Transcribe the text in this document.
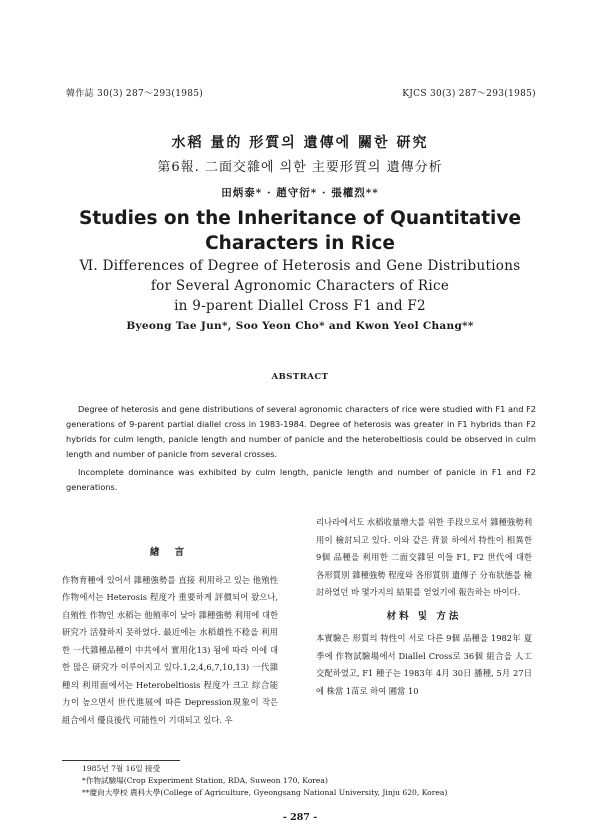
韓作誌 30(3) 287～293(1985)	KJCS 30(3) 287～293(1985)
水稻 量的 形質의 遺傳에 關한 研究
第6報. 二面交雜에 의한 主要形質의 遺傳分析
田炳泰* · 趙守衍* · 張權烈**
Studies on the Inheritance of Quantitative
Characters in Rice
Ⅵ. Differences of Degree of Heterosis and Gene Distributions
for Several Agronomic Characters of Rice
in 9-parent Diallel Cross F1 and F2
Byeong Tae Jun*, Soo Yeon Cho* and Kwon Yeol Chang**
ABSTRACT

Degree of heterosis and gene distributions of several agronomic characters of rice were studied with F1 and F2 generations of 9-parent partial diallel cross in 1983-1984. Degree of heterosis was greater in F1 hybrids than F2 hybrids for culm length, panicle length and number of panicle and the heterobeltiosis could be observed in culm length and number of panicle from several crosses.

Incomplete dominance was exhibited by culm length, panicle length and number of panicle in F1 and F2 generations.

緖 言

作物育種에 있어서 雜種強勢를 直接 利用하고 있는 他殖性 作物에서는 Heterosis 程度가 重要하게 評價되어 왔으나, 自殖性 作物인 水稻는 他殖率이 낮아 雜種強勢 利用에 대한 研究가 活發하지 못하였다. 最近에는 水稻雄性不稔을 利用한 一代雜種品種이 中共에서 實用化13) 됨에 따라 이에 대한 많은 研究가 이루어지고 있다.1,2,4,6,7,10,13) 一代雜種의 利用面에서는 Heterobeltiosis 程度가 크고 綜合能力이 높으면서 世代進展에 따른 Depression現象이 작은 組合에서 優良後代 可能性이 기대되고 있다. 우

리나라에서도 水稻收量增大를 위한 手段으로서 雜種強勢利用이 檢討되고 있다. 이와 같은 背景 하에서 特性이 相異한 9個 品種을 利用한 二面交雜된 이들 F1, F2 世代에 대한 各形質別 雜種強勢 程度와 各形質別 遺傳子 分布狀態를 檢討하였던 바 몇가지의 結果를 얻었기에 報告하는 바이다.

材料 및 方法

本實驗은 形質의 特性이 서로 다른 9個 品種을 1982年 夏季에 作物試驗場에서 Diallel Cross로 36個 組合을 人工交配하였고, F1 種子는 1983年 4月 30日 播種, 5月 27日에 株當 1苗로 하여 圃當 10

1985년 7월 16일 接受
*作物試驗場(Crop Experiment Station, RDA, Suweon 170, Korea)
**慶尙大學校 農科大學(College of Agriculture, Gyeongsang National University, Jinju 620, Korea)
- 287 -
